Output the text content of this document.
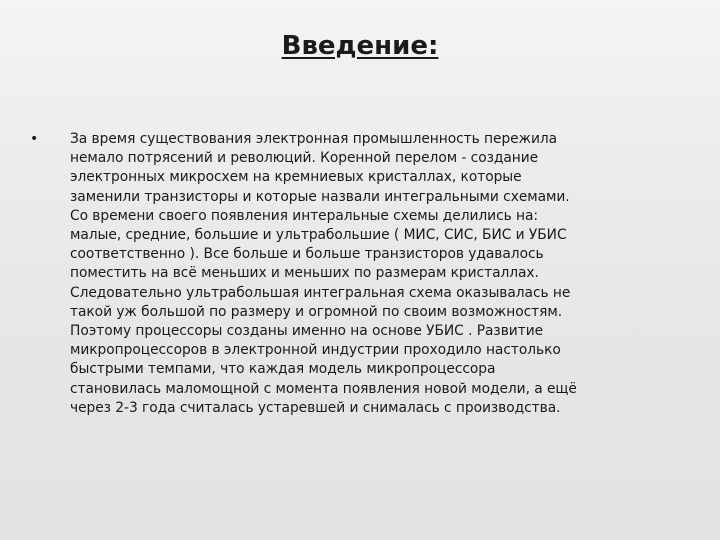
Введение:
• За время существования электронная промышленность пережила
немало потрясений и революций. Коренной перелом - создание
электронных микросхем на кремниевых кристаллах, которые
заменили транзисторы и которые назвали интегральными схемами.
Со времени своего появления интеральные схемы делились на:
малые, средние, большие и ультрабольшие ( МИС, СИС, БИС и УБИС
соответственно ). Все больше и больше транзисторов удавалось
поместить на всё меньших и меньших по размерам кристаллах.
Следовательно ультрабольшая интегральная схема оказывалась не
такой уж большой по размеру и огромной по своим возможностям.
Поэтому процессоры созданы именно на основе УБИС . Развитие
микропроцессоров в электронной индустрии проходило настолько
быстрыми темпами, что каждая модель микропроцессора
становилась маломощной с момента появления новой модели, а ещё
через 2-3 года считалась устаревшей и снималась с производства.
